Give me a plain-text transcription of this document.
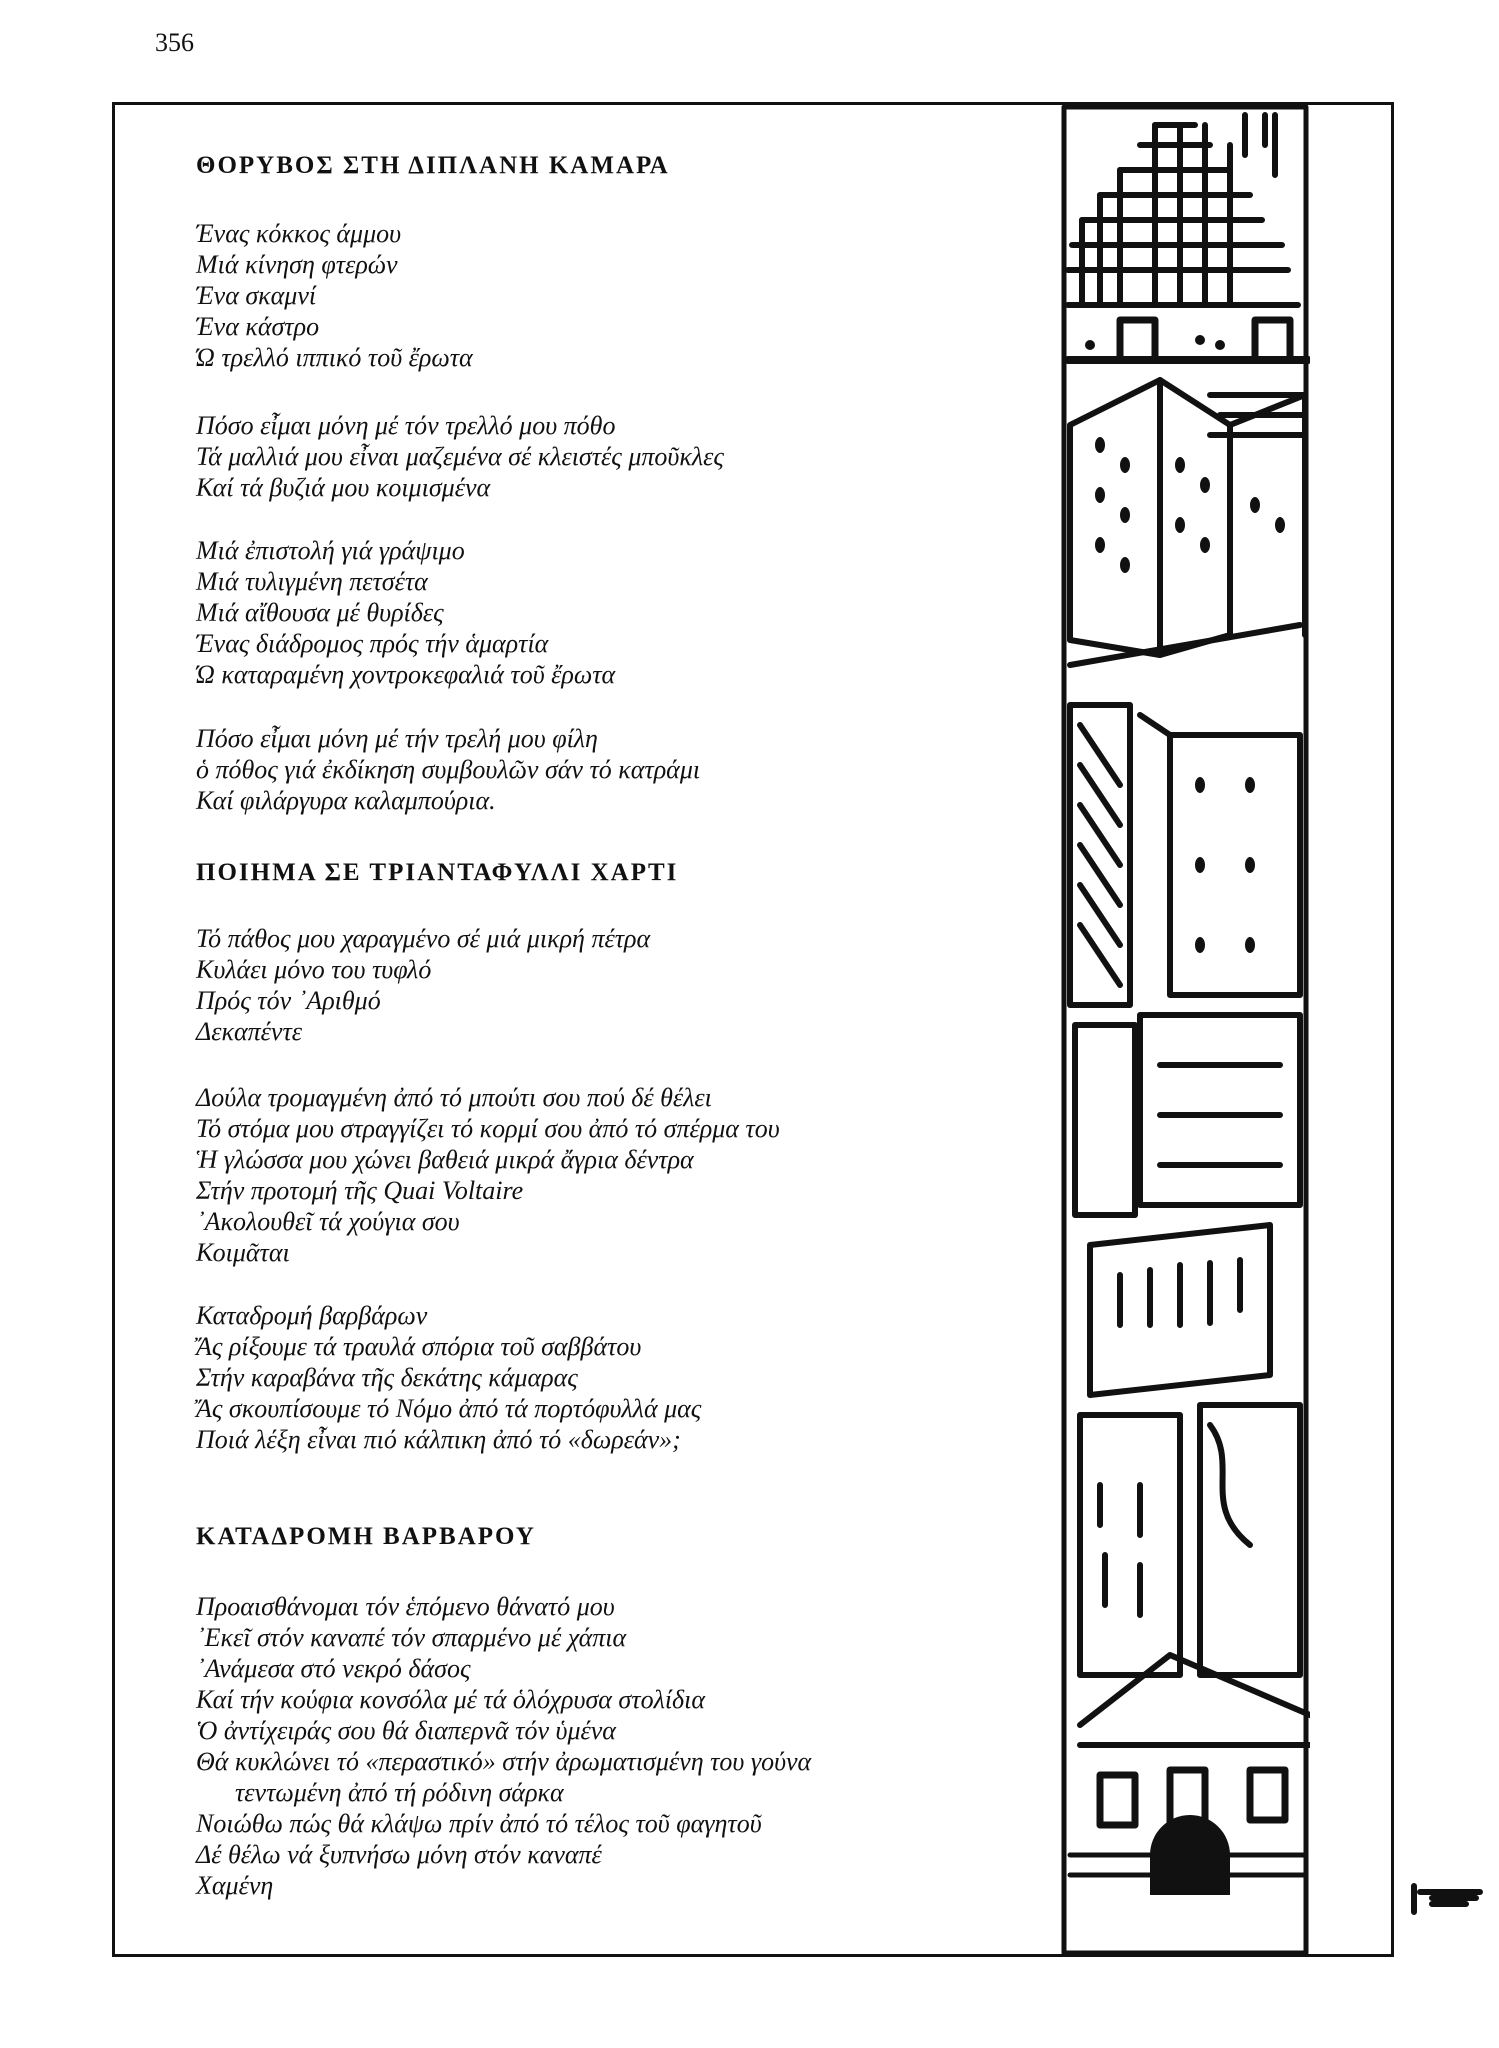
356
ΘΟΡΥΒΟΣ ΣΤΗ ΔΙΠΛΑΝΗ ΚΑΜΑΡΑ
Ένας κόκκος άμμου
Μιά κίνηση φτερών
Ένα σκαμνί
Ένα κάστρο
Ώ τρελλό ιππικό τοῦ ἔρωτα
Πόσο εἶμαι μόνη μέ τόν τρελλό μου πόθο
Τά μαλλιά μου εἶναι μαζεμένα σέ κλειστές μποῦκλες
Καί τά βυζιά μου κοιμισμένα
Μιά ἐπιστολή γιά γράψιμο
Μιά τυλιγμένη πετσέτα
Μιά αἴθουσα μέ θυρίδες
Ένας διάδρομος πρός τήν ἁμαρτία
Ώ καταραμένη χοντροκεφαλιά τοῦ ἔρωτα
Πόσο εἶμαι μόνη μέ τήν τρελή μου φίλη
ὁ πόθος γιά ἐκδίκηση συμβουλῶν σάν τό κατράμι
Καί φιλάργυρα καλαμπούρια.
ΠΟΙΗΜΑ ΣΕ ΤΡΙΑΝΤΑΦΥΛΛΙ ΧΑΡΤΙ
Τό πάθος μου χαραγμένο σέ μιά μικρή πέτρα
Κυλάει μόνο του τυφλό
Πρός τόν ᾽Αριθμό
Δεκαπέντε
Δούλα τρομαγμένη ἀπό τό μπούτι σου πού δέ θέλει
Τό στόμα μου στραγγίζει τό κορμί σου ἀπό τό σπέρμα του
Ἡ γλώσσα μου χώνει βαθειά μικρά ἄγρια δέντρα
Στήν προτομή τῆς Quai Voltaire
᾽Ακολουθεῖ τά χούγια σου
Κοιμᾶται
Καταδρομή βαρβάρων
Ἄς ρίξουμε τά τραυλά σπόρια τοῦ σαββάτου
Στήν καραβάνα τῆς δεκάτης κάμαρας
Ἄς σκουπίσουμε τό Νόμο ἀπό τά πορτόφυλλά μας
Ποιά λέξη εἶναι πιό κάλπικη ἀπό τό «δωρεάν»;
ΚΑΤΑΔΡΟΜΗ ΒΑΡΒΑΡΟΥ
Προαισθάνομαι τόν ἑπόμενο θάνατό μου
᾽Εκεῖ στόν καναπέ τόν σπαρμένο μέ χάπια
᾽Ανάμεσα στό νεκρό δάσος
Καί τήν κούφια κονσόλα μέ τά ὁλόχρυσα στολίδια
Ὁ ἀντίχειράς σου θά διαπερνᾶ τόν ὑμένα
Θά κυκλώνει τό «περαστικό» στήν ἀρωματισμένη του γούνα
τεντωμένη ἀπό τή ρόδινη σάρκα
Νοιώθω πώς θά κλάψω πρίν ἀπό τό τέλος τοῦ φαγητοῦ
Δέ θέλω νά ξυπνήσω μόνη στόν καναπέ
Χαμένη
